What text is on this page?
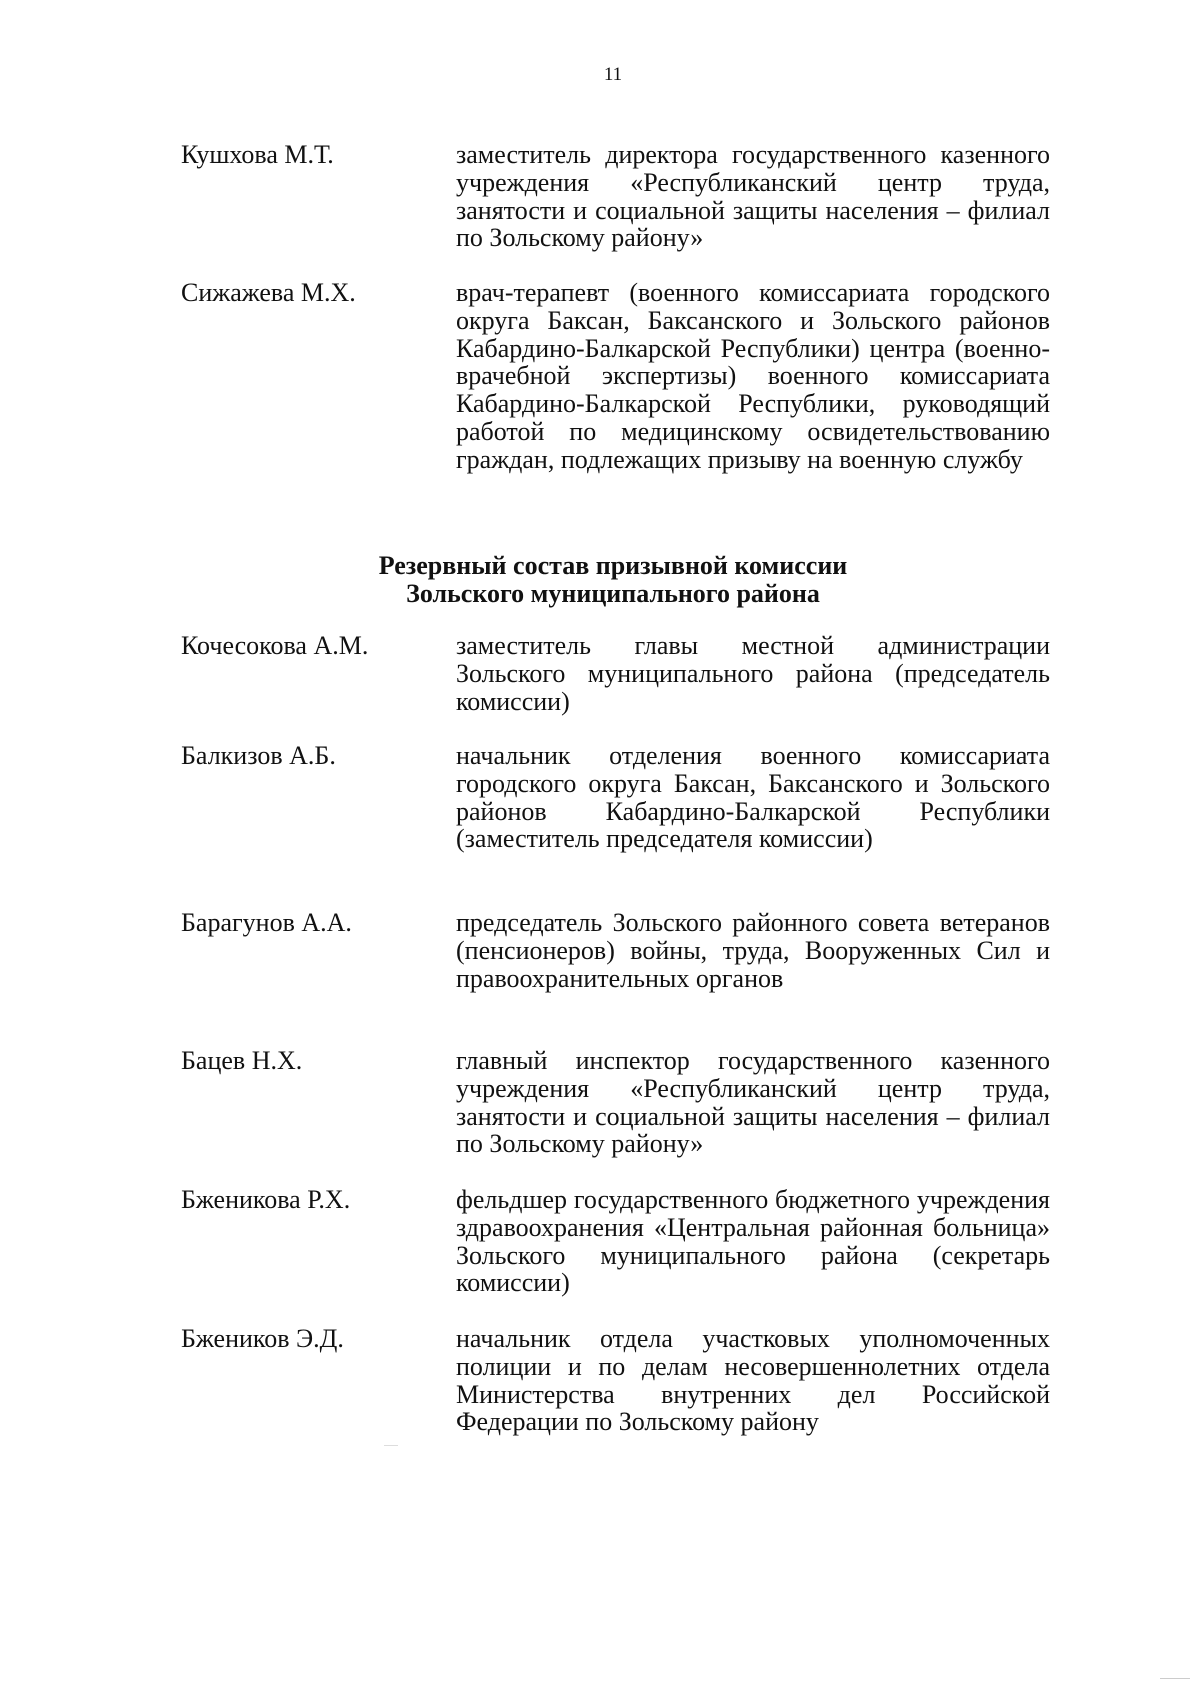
11
Кушхова М.Т.	заместитель директора государственного казенного учреждения «Республиканский центр труда, занятости и социальной защиты населения – филиал по Зольскому району»
Сижажева М.Х.	врач-терапевт (военного комиссариата городского округа Баксан, Баксанского и Зольского районов Кабардино-Балкарской Республики) центра (военно-врачебной экспертизы) военного комиссариата Кабардино-Балкарской Республики, руководящий работой по медицинскому освидетельствованию граждан, подлежащих призыву на военную службу
Резервный состав призывной комиссии
Зольского муниципального района
Кочесокова А.М.	заместитель главы местной администрации Зольского муниципального района (председатель комиссии)
Балкизов А.Б.	начальник отделения военного комиссариата городского округа Баксан, Баксанского и Зольского районов Кабардино-Балкарской Республики (заместитель председателя комиссии)
Барагунов А.А.	председатель Зольского районного совета ветеранов (пенсионеров) войны, труда, Вооруженных Сил и правоохранительных органов
Бацев Н.Х.	главный инспектор государственного казенного учреждения «Республиканский центр труда, занятости и социальной защиты населения – филиал по Зольскому району»
Бженикова Р.Х.	фельдшер государственного бюджетного учреждения здравоохранения «Центральная районная больница» Зольского муниципального района (секретарь комиссии)
Бжеников Э.Д.	начальник отдела участковых уполномоченных полиции и по делам несовершеннолетних отдела Министерства внутренних дел Российской Федерации по Зольскому району
